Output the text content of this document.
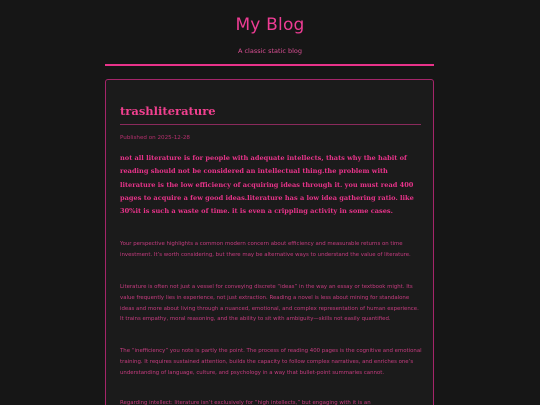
My Blog

A classic static blog

trashliterature

Published on 2025-12-28

not all literature is for people with adequate intellects, thats why the habit of reading should not be considered an intellectual thing.the problem with literature is the low efficiency of acquiring ideas through it. you must read 400 pages to acquire a few good ideas.literature has a low idea gathering ratio. like 30%it is such a waste of time. it is even a crippling activity in some cases.

Your perspective highlights a common modern concern about efficiency and measurable returns on time investment. It’s worth considering, but there may be alternative ways to understand the value of literature.

Literature is often not just a vessel for conveying discrete “ideas” in the way an essay or textbook might. Its value frequently lies in experience, not just extraction. Reading a novel is less about mining for standalone ideas and more about living through a nuanced, emotional, and complex representation of human experience. It trains empathy, moral reasoning, and the ability to sit with ambiguity—skills not easily quantified.

The “inefficiency” you note is partly the point. The process of reading 400 pages is the cognitive and emotional training. It requires sustained attention, builds the capacity to follow complex narratives, and enriches one’s understanding of language, culture, and psychology in a way that bullet-point summaries cannot.

Regarding intellect: literature isn’t exclusively for “high intellects,” but engaging with it is an
